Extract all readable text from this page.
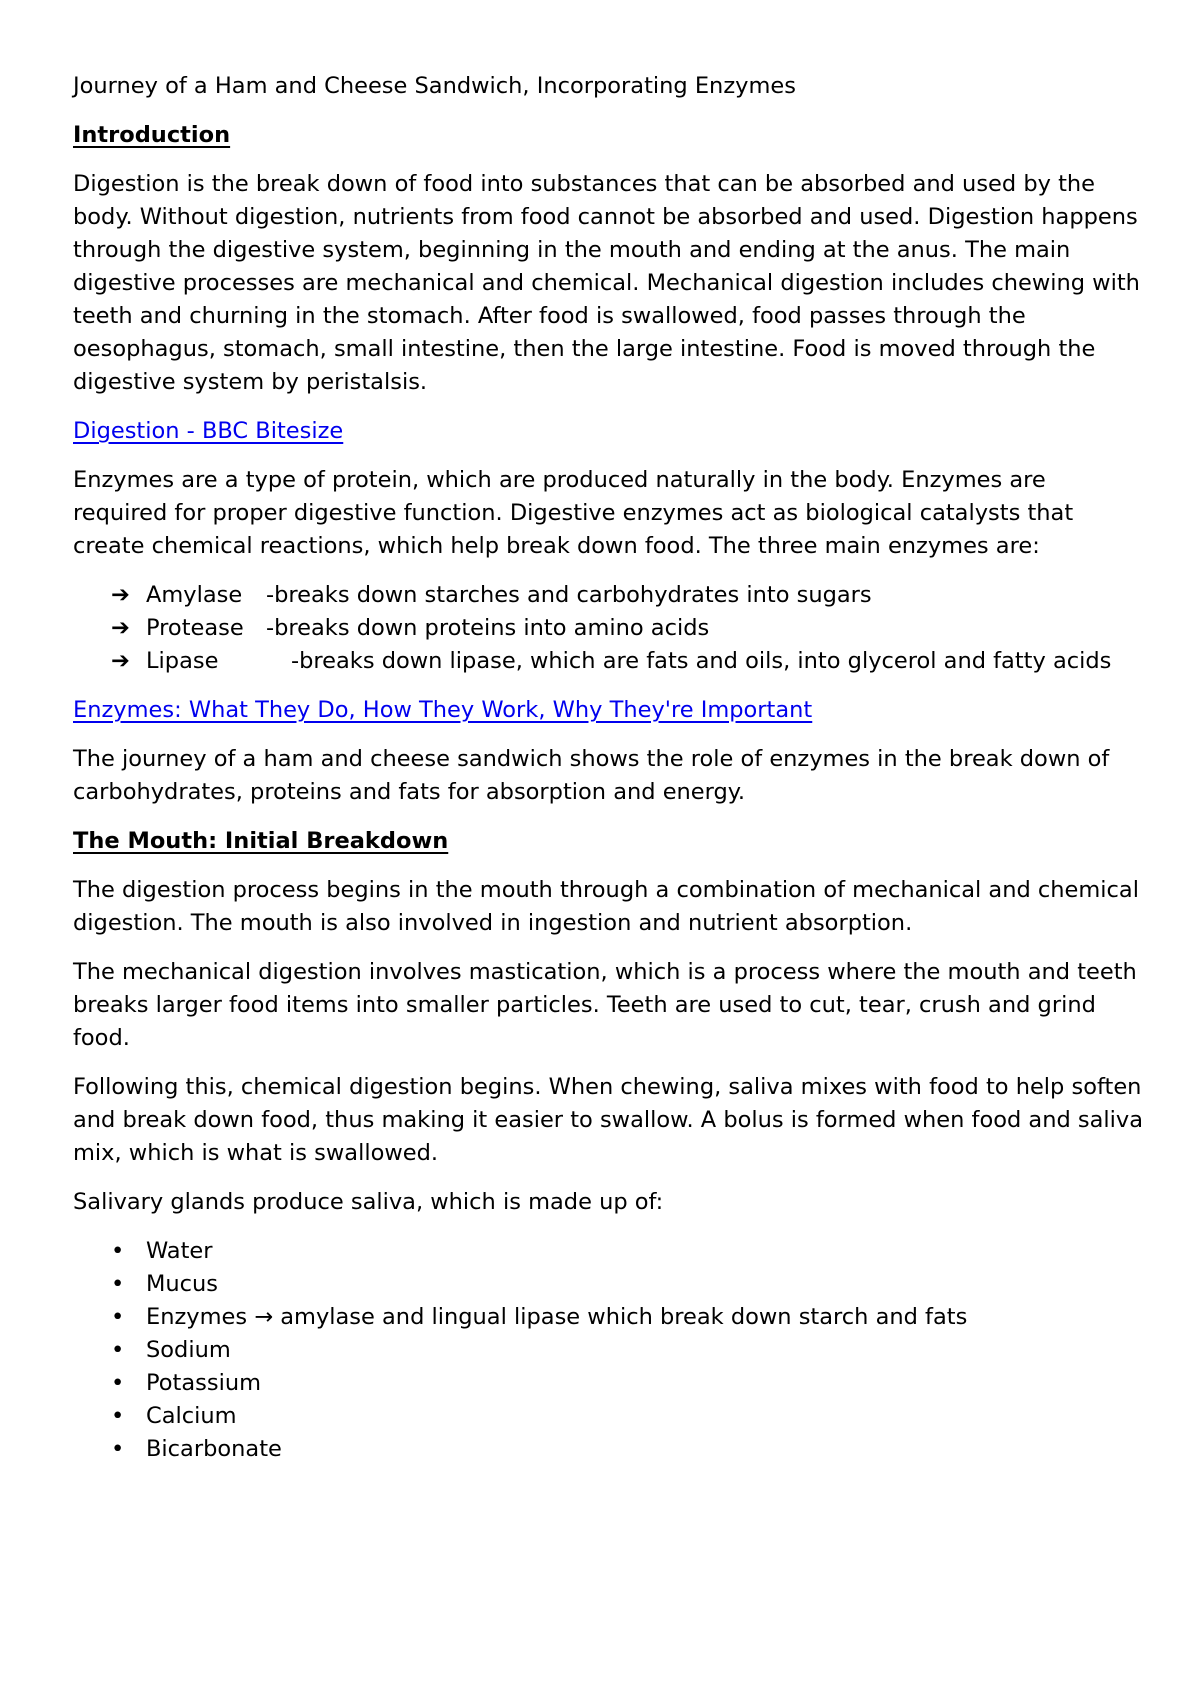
Journey of a Ham and Cheese Sandwich, Incorporating Enzymes

Introduction

Digestion is the break down of food into substances that can be absorbed and used by the body. Without digestion, nutrients from food cannot be absorbed and used. Digestion happens through the digestive system, beginning in the mouth and ending at the anus. The main digestive processes are mechanical and chemical. Mechanical digestion includes chewing with teeth and churning in the stomach. After food is swallowed, food passes through the oesophagus, stomach, small intestine, then the large intestine. Food is moved through the digestive system by peristalsis.

Digestion - BBC Bitesize

Enzymes are a type of protein, which are produced naturally in the body. Enzymes are required for proper digestive function. Digestive enzymes act as biological catalysts that create chemical reactions, which help break down food. The three main enzymes are:

➔ Amylase -breaks down starches and carbohydrates into sugars
➔ Protease -breaks down proteins into amino acids
➔ Lipase	-breaks down lipase, which are fats and oils, into glycerol and fatty acids

Enzymes: What They Do, How They Work, Why They're Important

The journey of a ham and cheese sandwich shows the role of enzymes in the break down of carbohydrates, proteins and fats for absorption and energy.

The Mouth: Initial Breakdown

The digestion process begins in the mouth through a combination of mechanical and chemical digestion. The mouth is also involved in ingestion and nutrient absorption.

The mechanical digestion involves mastication, which is a process where the mouth and teeth breaks larger food items into smaller particles. Teeth are used to cut, tear, crush and grind food.

Following this, chemical digestion begins. When chewing, saliva mixes with food to help soften and break down food, thus making it easier to swallow. A bolus is formed when food and saliva mix, which is what is swallowed.

Salivary glands produce saliva, which is made up of:

• Water
• Mucus
• Enzymes → amylase and lingual lipase which break down starch and fats
• Sodium
• Potassium
• Calcium
• Bicarbonate
